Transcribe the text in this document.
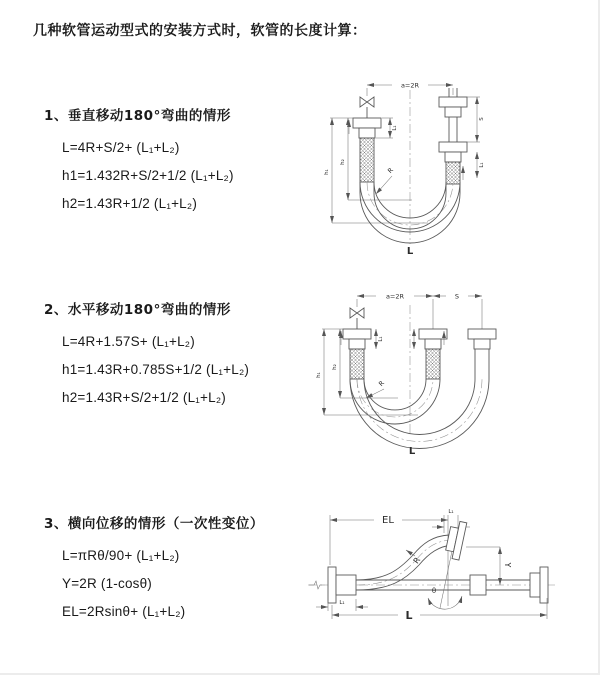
几种软管运动型式的安装方式时，软管的长度计算：
1、垂直移动180°弯曲的情形
L=4R+S/2+ (L₁+L₂)
h1=1.432R+S/2+1/2 (L₁+L₂)
h2=1.43R+1/2 (L₁+L₂)
2、水平移动180°弯曲的情形
L=4R+1.57S+ (L₁+L₂)
h1=1.43R+0.785S+1/2 (L₁+L₂)
h2=1.43R+S/2+1/2 (L₁+L₂)
3、横向位移的情形（一次性变位）
L=πRθ/90+ (L₁+L₂)
Y=2R (1-cosθ)
EL=2Rsinθ+ (L₁+L₂)
a=2R
S
L₁
L₁
h₂
h₁	R
L
a=2R	S
L₁
h₂
h₁
R
L
EL
L₁
Y
θ
R
L₁
L
